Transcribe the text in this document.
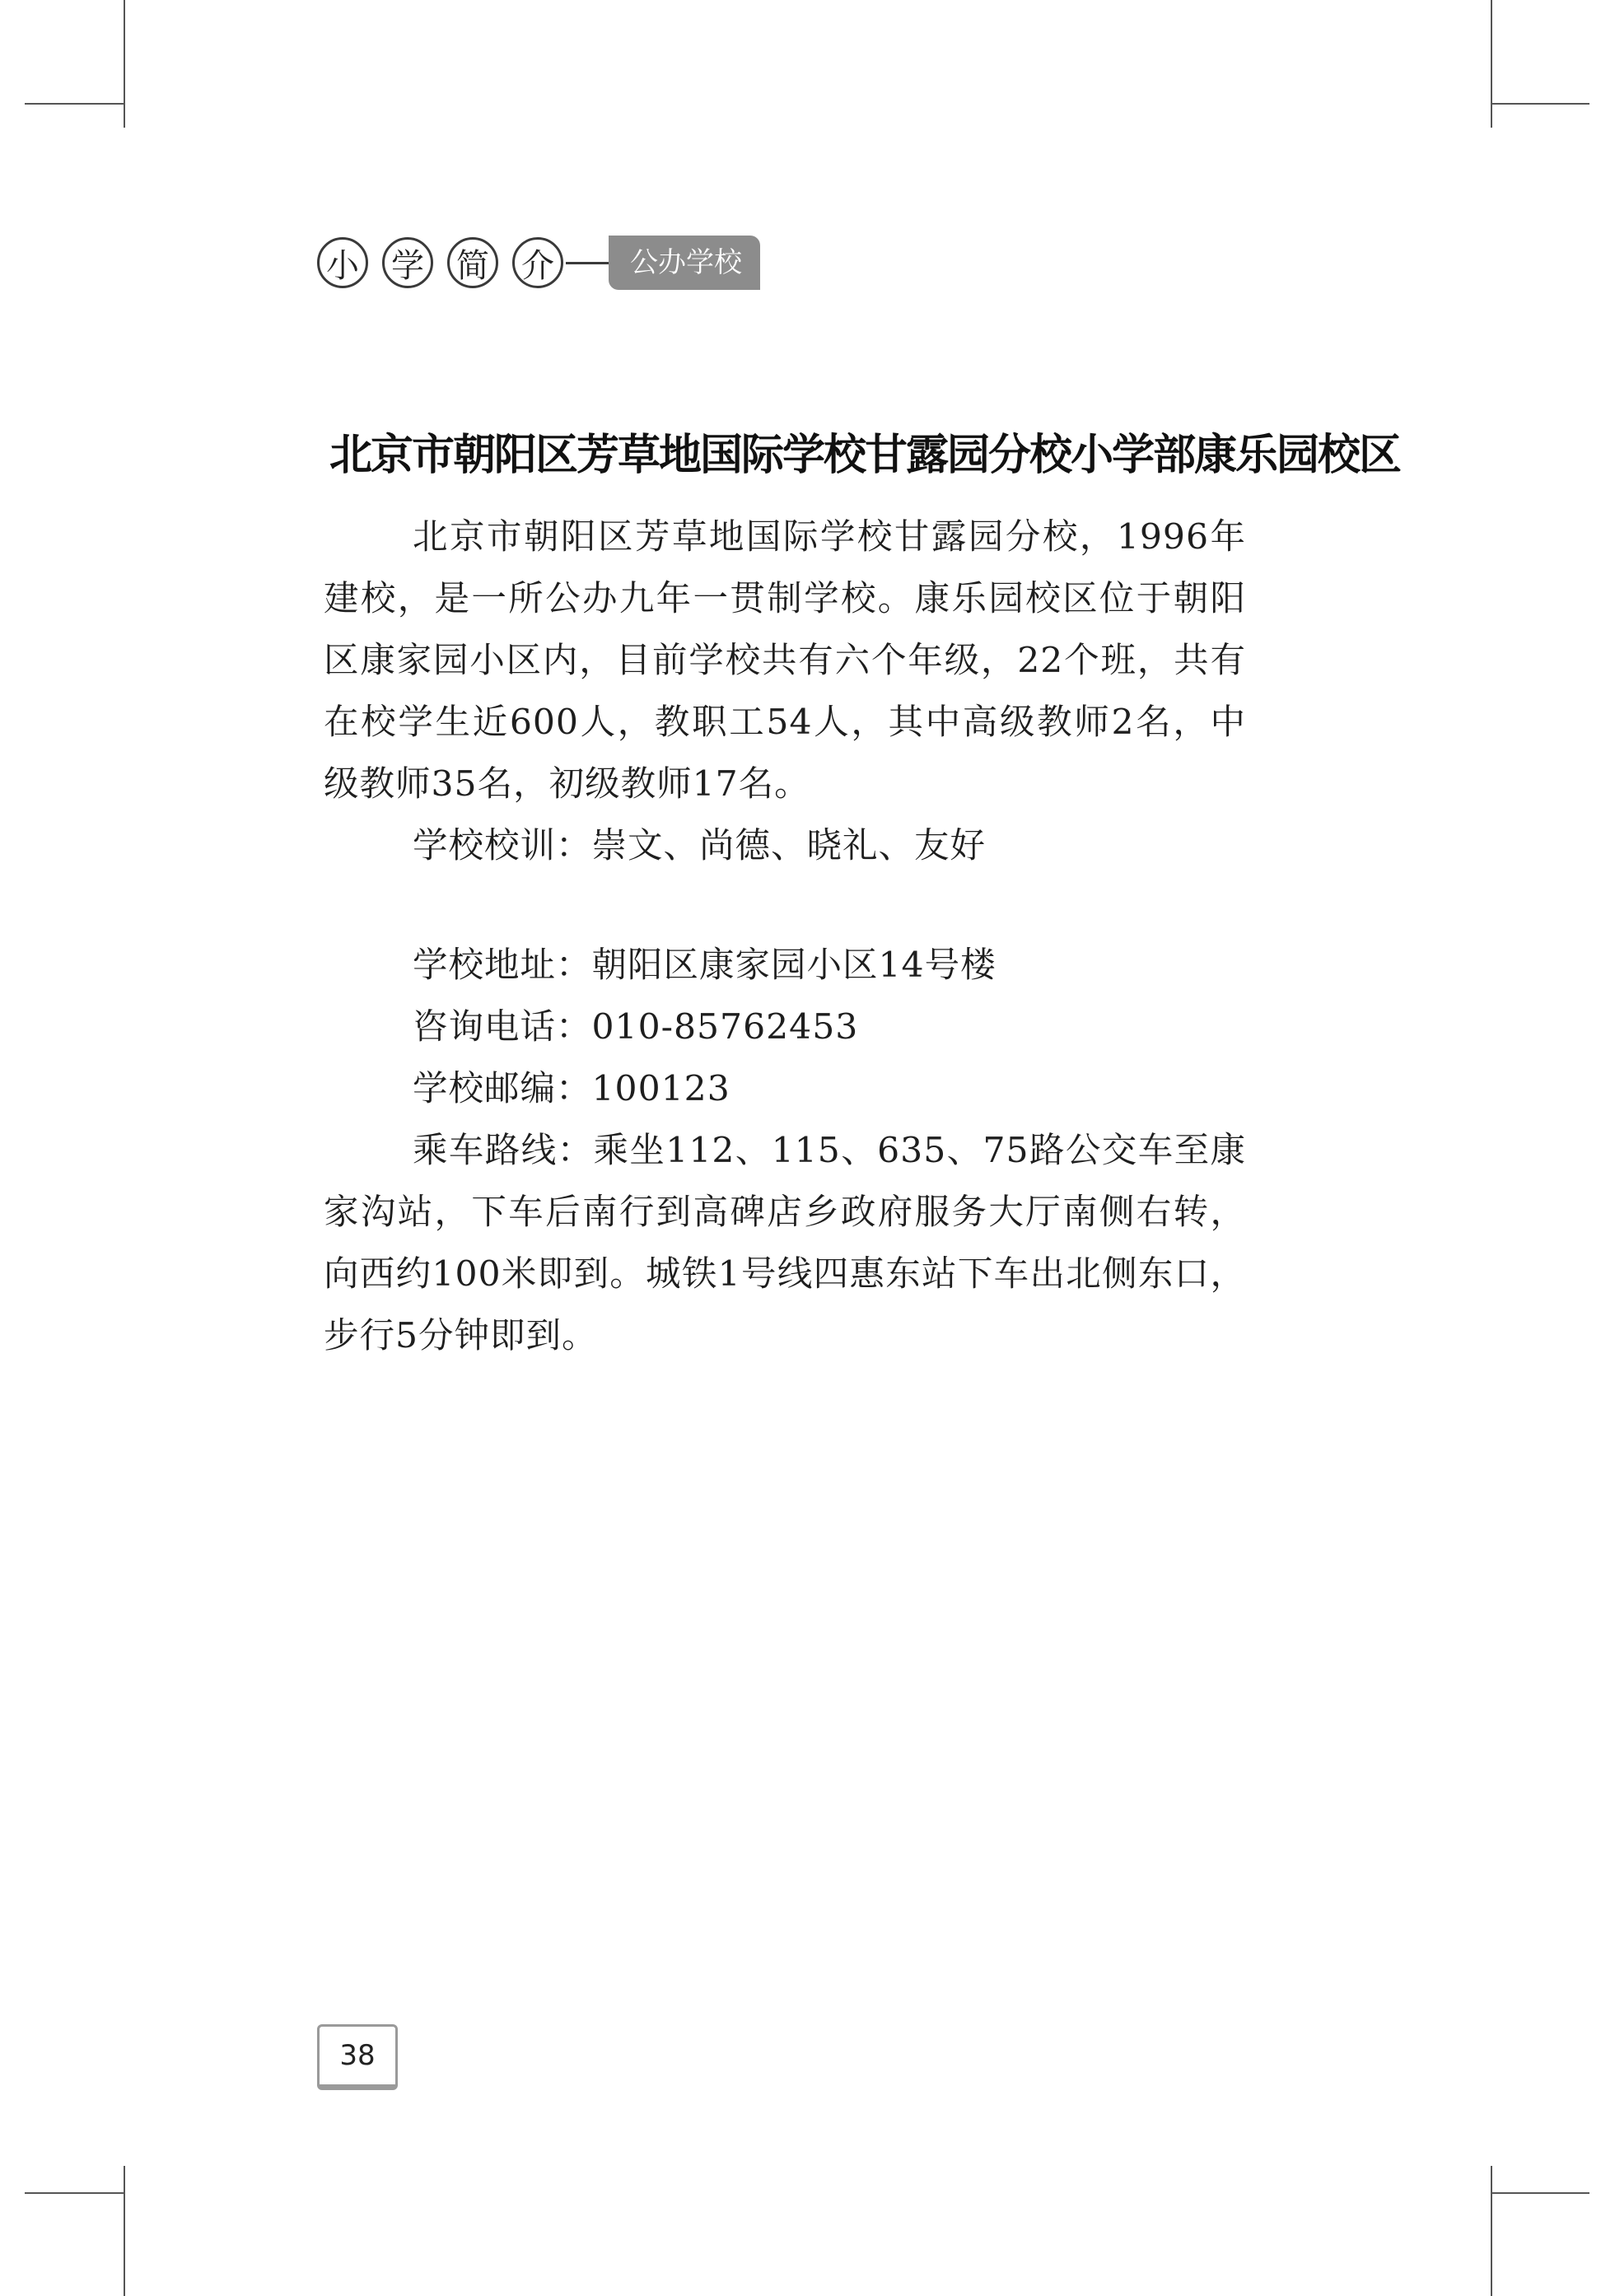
小 学 简 介	公办学校
北京市朝阳区芳草地国际学校甘露园分校小学部康乐园校区

北京市朝阳区芳草地国际学校甘露园分校，1996年建校，是一所公办九年一贯制学校。康乐园校区位于朝阳区康家园小区内，目前学校共有六个年级，22个班，共有在校学生近600人，教职工54人，其中高级教师2名，中级教师35名，初级教师17名。

学校校训：崇文、尚德、晓礼、友好

学校地址：朝阳区康家园小区14号楼

咨询电话：010-85762453

学校邮编：100123

乘车路线：乘坐112、115、635、75路公交车至康家沟站，下车后南行到高碑店乡政府服务大厅南侧右转，向西约100米即到。城铁1号线四惠东站下车出北侧东口，步行5分钟即到。

38
